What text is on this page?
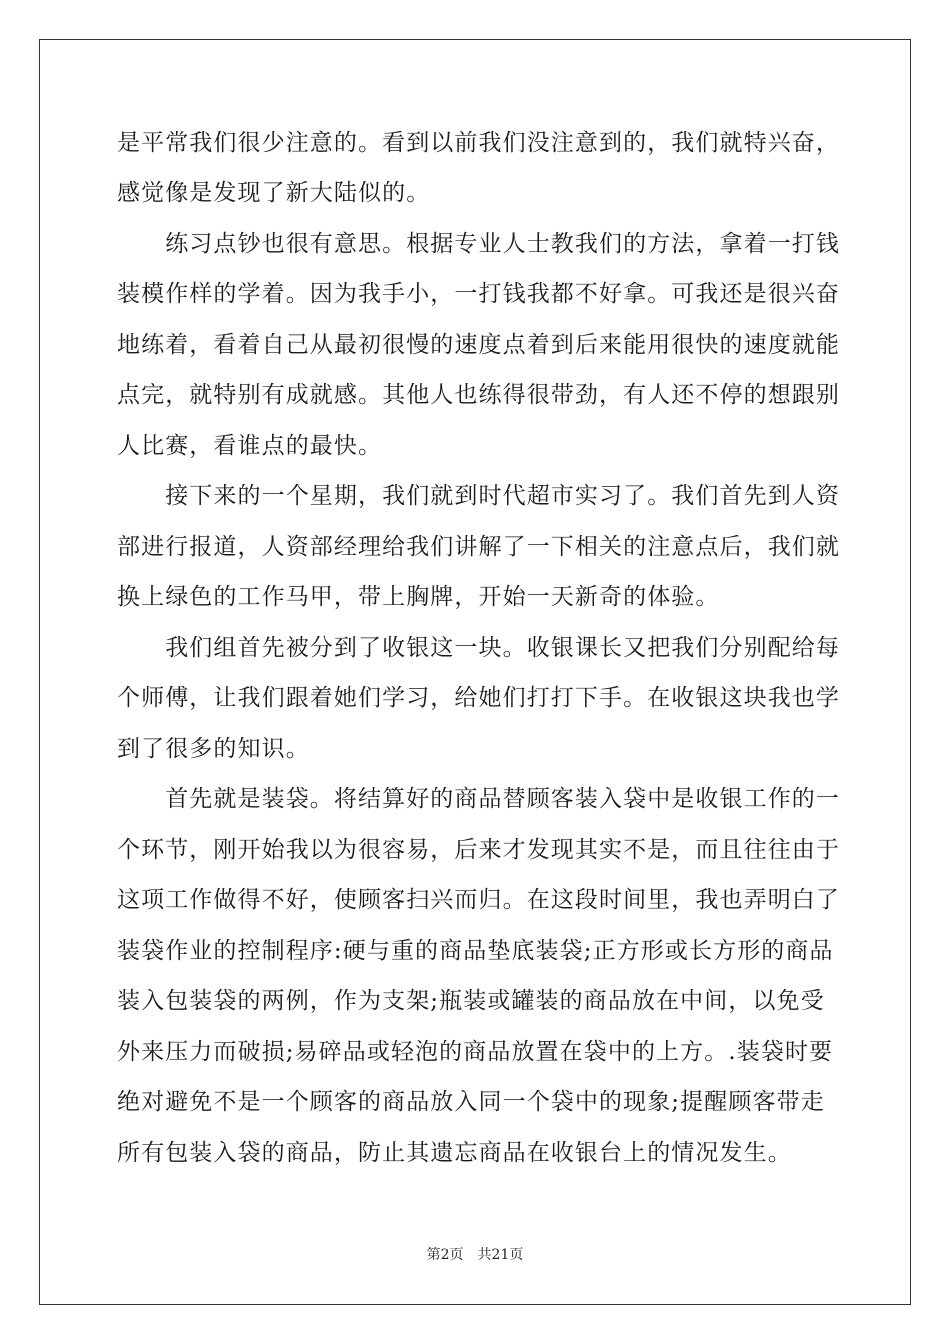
是平常我们很少注意的。看到以前我们没注意到的，我们就特兴奋，
感觉像是发现了新大陆似的。
　　练习点钞也很有意思。根据专业人士教我们的方法，拿着一打钱
装模作样的学着。因为我手小，一打钱我都不好拿。可我还是很兴奋
地练着，看着自己从最初很慢的速度点着到后来能用很快的速度就能
点完，就特别有成就感。其他人也练得很带劲，有人还不停的想跟别
人比赛，看谁点的最快。
　　接下来的一个星期，我们就到时代超市实习了。我们首先到人资
部进行报道，人资部经理给我们讲解了一下相关的注意点后，我们就
换上绿色的工作马甲，带上胸牌，开始一天新奇的体验。
　　我们组首先被分到了收银这一块。收银课长又把我们分别配给每
个师傅，让我们跟着她们学习，给她们打打下手。在收银这块我也学
到了很多的知识。
　　首先就是装袋。将结算好的商品替顾客装入袋中是收银工作的一
个环节，刚开始我以为很容易，后来才发现其实不是，而且往往由于
这项工作做得不好，使顾客扫兴而归。在这段时间里，我也弄明白了
装袋作业的控制程序:硬与重的商品垫底装袋;正方形或长方形的商品
装入包装袋的两例，作为支架;瓶装或罐装的商品放在中间，以免受
外来压力而破损;易碎品或轻泡的商品放置在袋中的上方。.装袋时要
绝对避免不是一个顾客的商品放入同一个袋中的现象;提醒顾客带走
所有包装入袋的商品，防止其遗忘商品在收银台上的情况发生。
第2页　共21页
